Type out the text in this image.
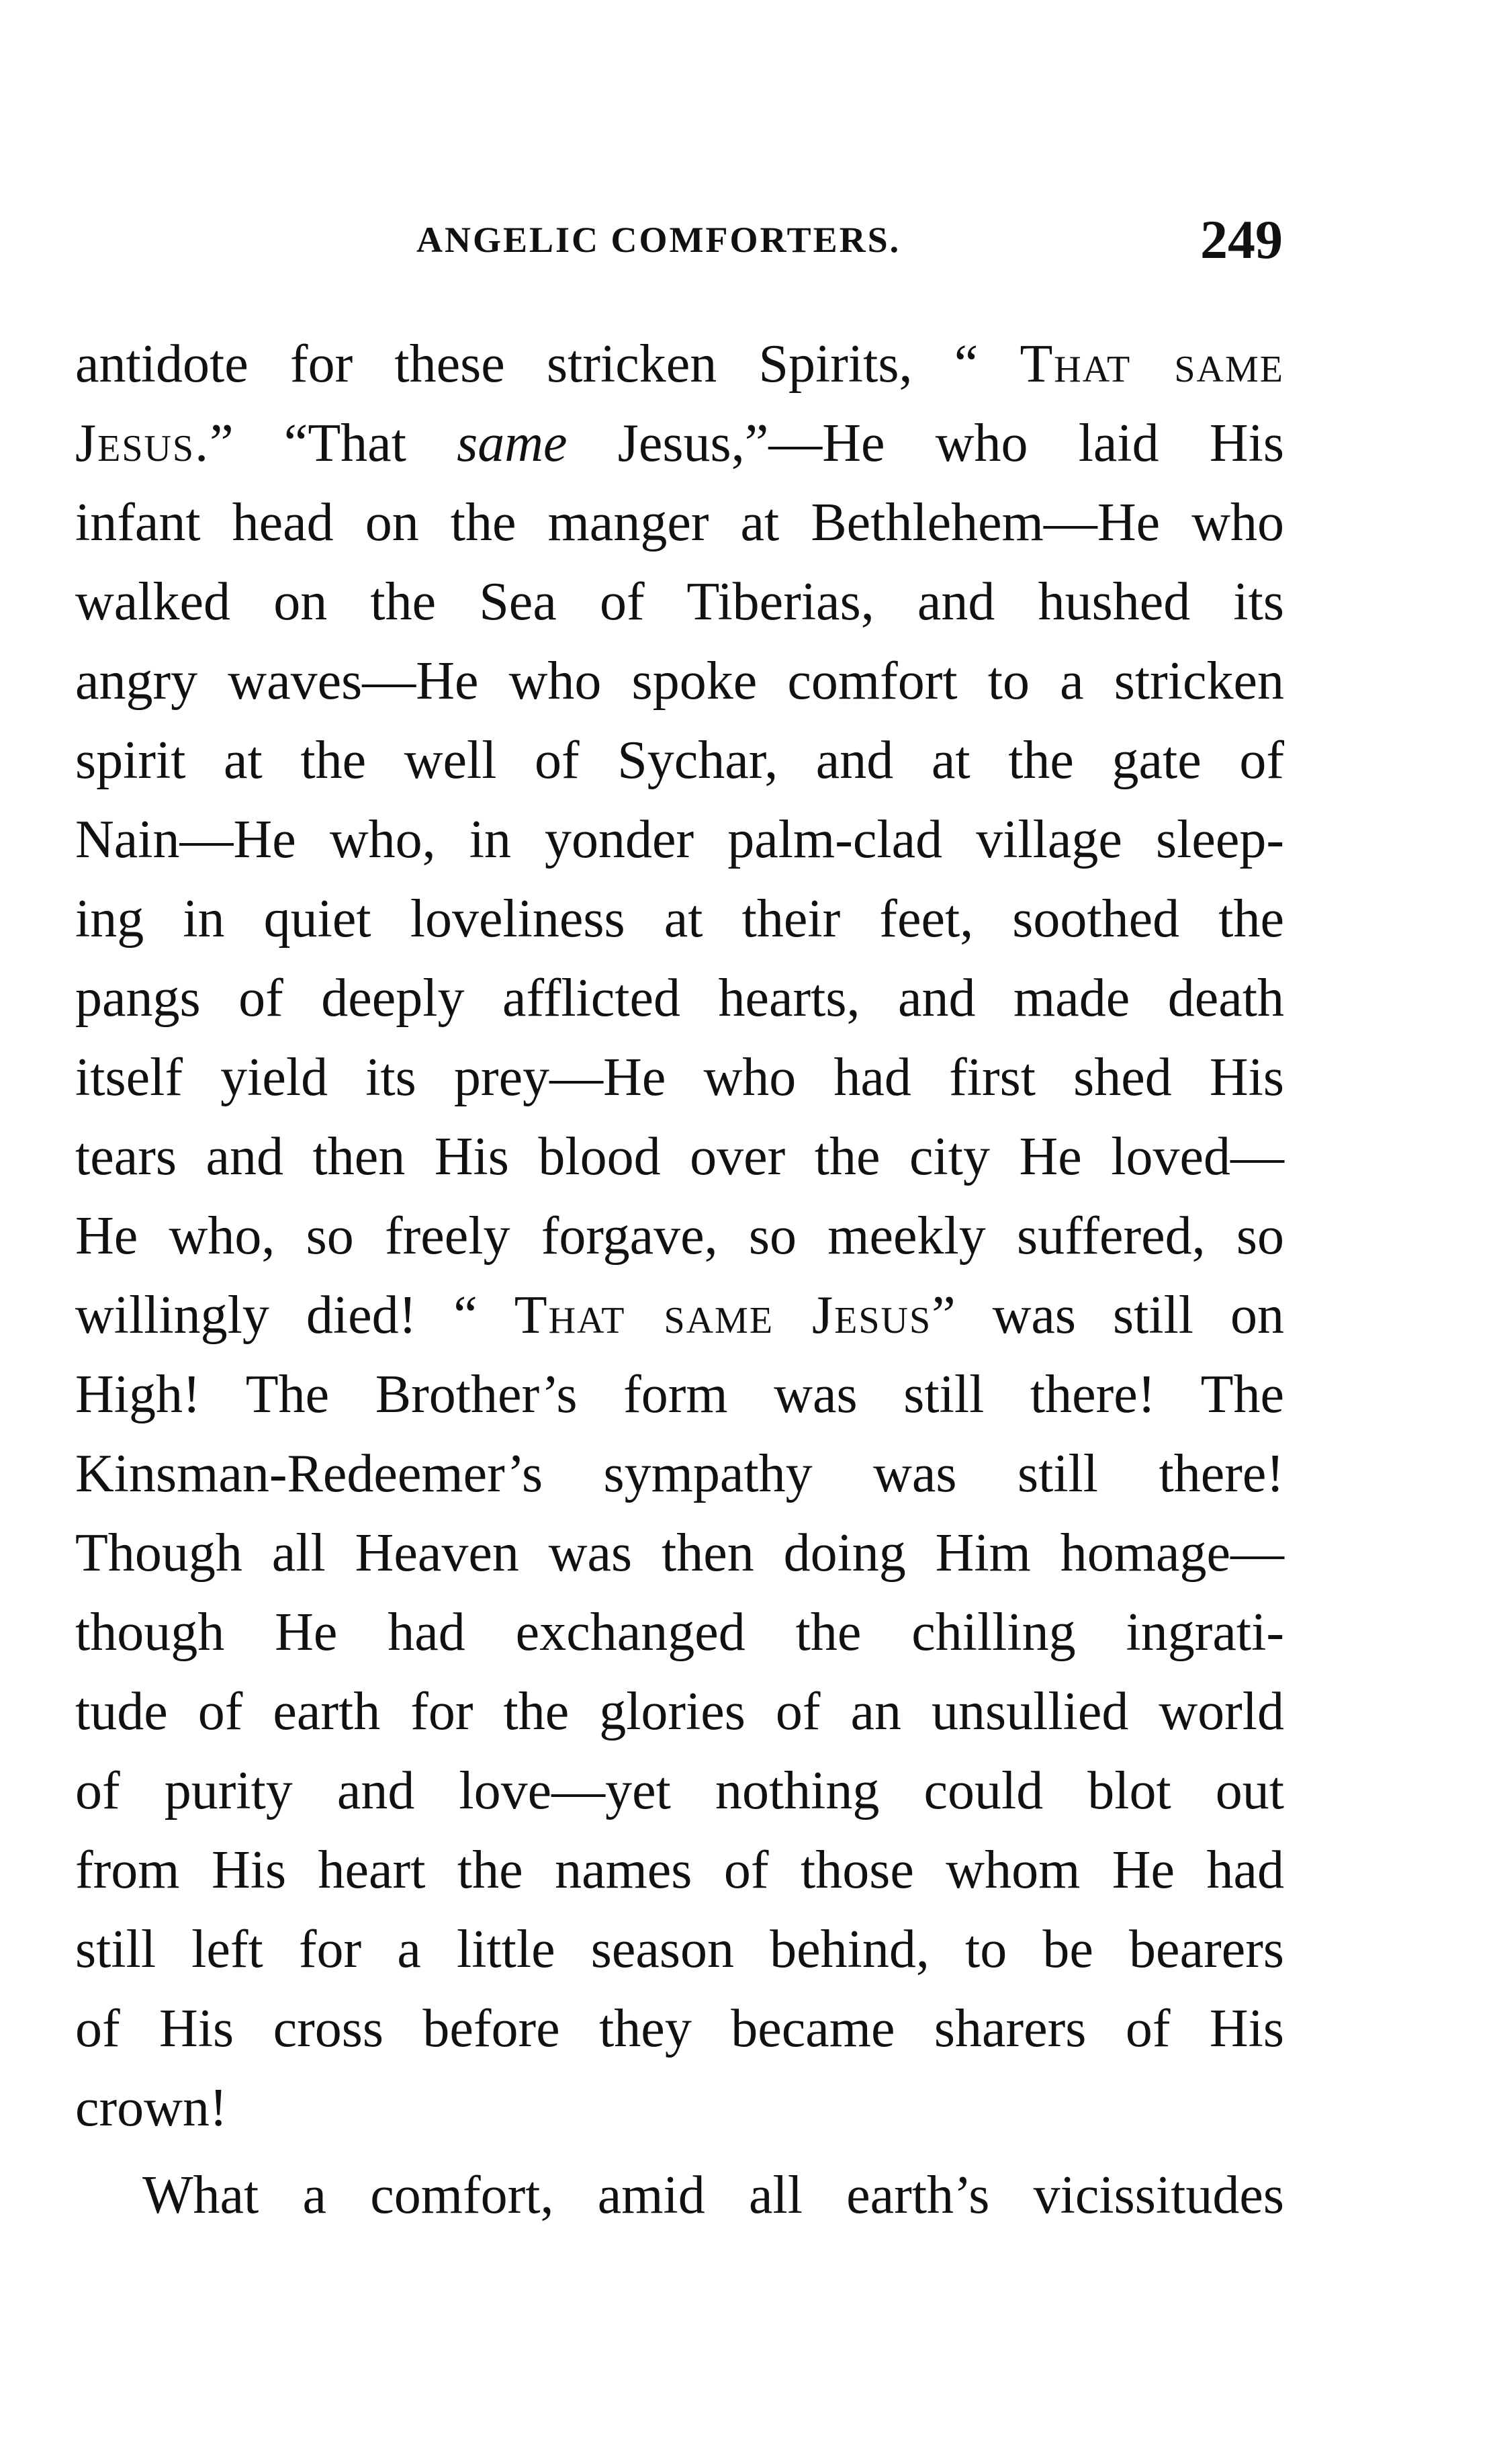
ANGELIC COMFORTERS.	249
antidote for these stricken Spirits, “ That same
Jesus.” “That same Jesus,”—He who laid His
infant head on the manger at Bethlehem—He who
walked on the Sea of Tiberias, and hushed its
angry waves—He who spoke comfort to a stricken
spirit at the well of Sychar, and at the gate of
Nain—He who, in yonder palm-clad village sleep-
ing in quiet loveliness at their feet, soothed the
pangs of deeply afflicted hearts, and made death
itself yield its prey—He who had first shed His
tears and then His blood over the city He loved—
He who, so freely forgave, so meekly suffered, so
willingly died! “ That same Jesus” was still on
High! The Brother’s form was still there! The
Kinsman-Redeemer’s sympathy was still there!
Though all Heaven was then doing Him homage—
though He had exchanged the chilling ingrati-
tude of earth for the glories of an unsullied world
of purity and love—yet nothing could blot out
from His heart the names of those whom He had
still left for a little season behind, to be bearers
of His cross before they became sharers of His
crown!
What a comfort, amid all earth’s vicissitudes
